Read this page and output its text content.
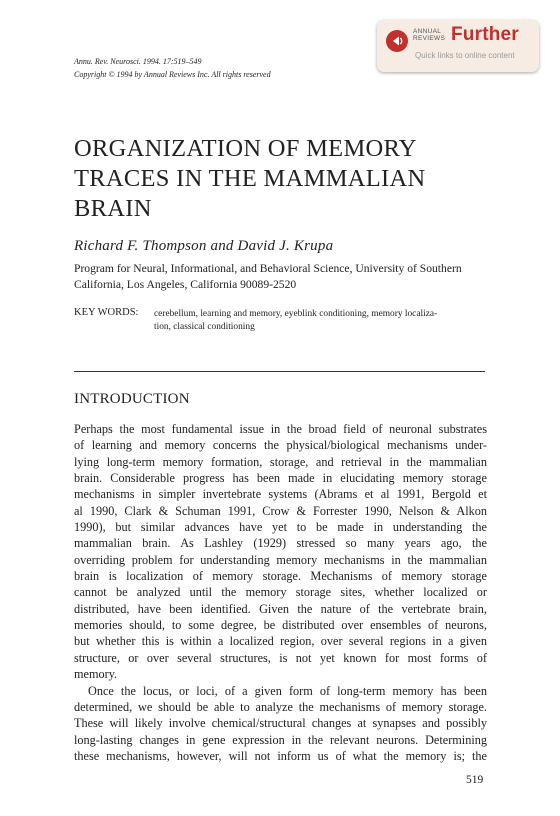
ANNUAL
REVIEWS Further
Quick links to online content
Annu. Rev. Neurosci. 1994. 17:519–549
Copyright © 1994 by Annual Reviews Inc. All rights reserved
ORGANIZATION OF MEMORY
TRACES IN THE MAMMALIAN
BRAIN
Richard F. Thompson and David J. Krupa
Program for Neural, Informational, and Behavioral Science, University of Southern
California, Los Angeles, California 90089-2520
KEY WORDS: cerebellum, learning and memory, eyeblink conditioning, memory localiza-
tion, classical conditioning
INTRODUCTION
Perhaps the most fundamental issue in the broad field of neuronal substrates
of learning and memory concerns the physical/biological mechanisms under-
lying long-term memory formation, storage, and retrieval in the mammalian
brain. Considerable progress has been made in elucidating memory storage
mechanisms in simpler invertebrate systems (Abrams et al 1991, Bergold et
al 1990, Clark & Schuman 1991, Crow & Forrester 1990, Nelson & Alkon
1990), but similar advances have yet to be made in understanding the
mammalian brain. As Lashley (1929) stressed so many years ago, the
overriding problem for understanding memory mechanisms in the mammalian
brain is localization of memory storage. Mechanisms of memory storage
cannot be analyzed until the memory storage sites, whether localized or
distributed, have been identified. Given the nature of the vertebrate brain,
memories should, to some degree, be distributed over ensembles of neurons,
but whether this is within a localized region, over several regions in a given
structure, or over several structures, is not yet known for most forms of
memory.
Once the locus, or loci, of a given form of long-term memory has been
determined, we should be able to analyze the mechanisms of memory storage.
These will likely involve chemical/structural changes at synapses and possibly
long-lasting changes in gene expression in the relevant neurons. Determining
these mechanisms, however, will not inform us of what the memory is; the
519
